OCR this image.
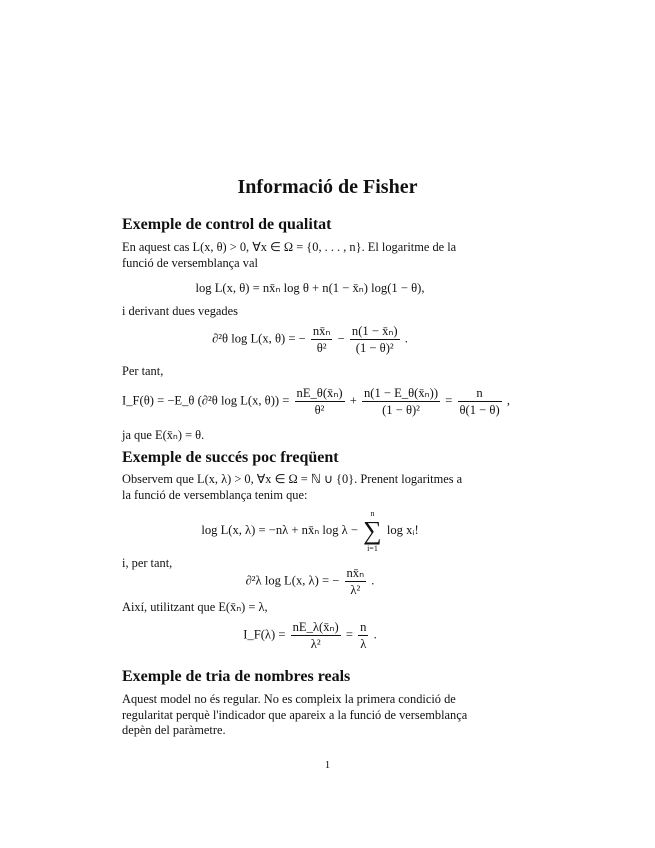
Informació de Fisher
Exemple de control de qualitat
En aquest cas L(x, θ) > 0, ∀x ∈ Ω = {0, . . . , n}. El logaritme de la
funció de versemblança val
log L(x, θ) = nx̄ₙ log θ + n(1 − x̄ₙ) log(1 − θ),
i derivant dues vegades
∂²θ log L(x, θ) = − $\frac{\text{nx̄ₙ}}{\text{θ²}} - \frac{\text{n(1 − x̄ₙ)}}{\text{(1 − θ)²}}$ .
Per tant,
I_F(θ) = −E_θ (∂²θ log L(x, $\theta)) = \frac{\text{nE\_θ(x̄ₙ)}}{\text{θ²}} + \frac{\text{n(1 − E\_θ(x̄ₙ))}}{\text{(1 − θ)²}} = \frac{n}{\theta(1 - \theta)}$ ,
ja que E(x̄ₙ) = θ.
Exemple de succés poc freqüent
Observem que L(x, λ) > 0, ∀x ∈ Ω = ℕ ∪ {0}. Prenent logaritmes a
la funció de versemblança tenim que:
log L(x, λ) = −nλ + nx̄ₙ log λ −
n
∑
i=1
log xᵢ!
i, per tant,
∂²λ log L(x, λ) = − $\frac{\text{nx̄ₙ}}{\text{λ²}}$ .
Així, utilitzant que E(x̄ₙ) = λ,
I_F(λ) = $\frac{\text{nE\_λ(x̄ₙ)}}{\text{λ²}} = \frac{n}{\lambda}$ .
Exemple de tria de nombres reals
Aquest model no és regular. No es compleix la primera condició de
regularitat perquè l'indicador que apareix a la funció de versemblança
depèn del paràmetre.
1
